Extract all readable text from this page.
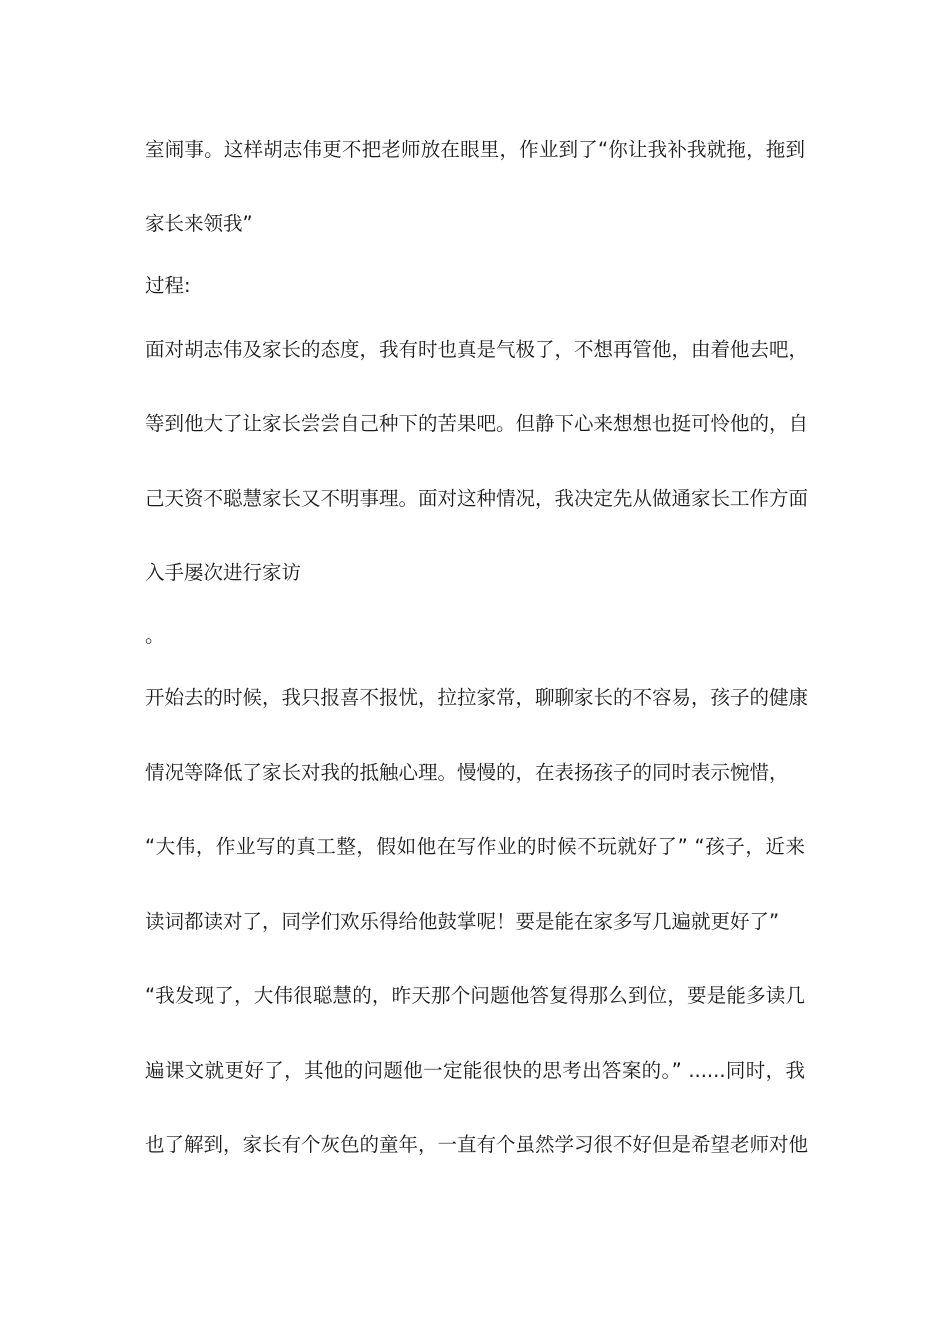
室闹事。这样胡志伟更不把老师放在眼里，作业到了“你让我补我就拖，拖到
家长来领我”
过程:
面对胡志伟及家长的态度，我有时也真是气极了，不想再管他，由着他去吧，
等到他大了让家长尝尝自己种下的苦果吧。但静下心来想想也挺可怜他的，自
己天资不聪慧家长又不明事理。面对这种情况，我决定先从做通家长工作方面
入手屡次进行家访
。
开始去的时候，我只报喜不报忧，拉拉家常，聊聊家长的不容易，孩子的健康
情况等降低了家长对我的抵触心理。慢慢的，在表扬孩子的同时表示惋惜，
“大伟，作业写的真工整，假如他在写作业的时候不玩就好了” “孩子，近来
读词都读对了，同学们欢乐得给他鼓掌呢！要是能在家多写几遍就更好了”
“我发现了，大伟很聪慧的，昨天那个问题他答复得那么到位，要是能多读几
遍课文就更好了，其他的问题他一定能很快的思考出答案的。” ......同时，我
也了解到，家长有个灰色的童年，一直有个虽然学习很不好但是希望老师对他
